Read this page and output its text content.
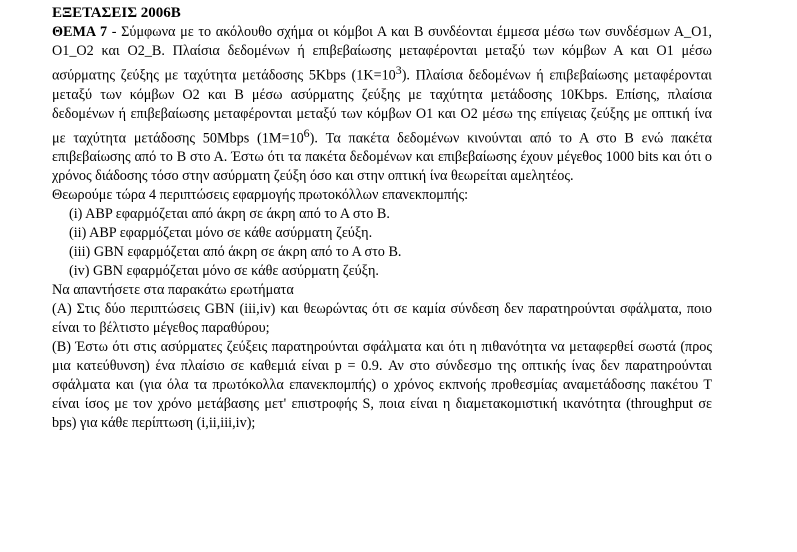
ΕΞΕΤΑΣΕΙΣ 2006Β

ΘΕΜΑ 7 - Σύμφωνα με το ακόλουθο σχήμα οι κόμβοι Α και Β συνδέονται έμμεσα μέσω των συνδέσμων Α_Ο1, Ο1_Ο2 και Ο2_Β. Πλαίσια δεδομένων ή επιβεβαίωσης μεταφέρονται μεταξύ των κόμβων Α και Ο1 μέσω ασύρματης ζεύξης με ταχύτητα μετάδοσης 5Kbps $(1K=10^3)$. Πλαίσια δεδομένων ή επιβεβαίωσης μεταφέρονται μεταξύ των κόμβων Ο2 και Β μέσω ασύρματης ζεύξης με ταχύτητα μετάδοσης 10Kbps. Επίσης, πλαίσια δεδομένων ή επιβεβαίωσης μεταφέρονται μεταξύ των κόμβων Ο1 και Ο2 μέσω της επίγειας ζεύξης με οπτική ίνα με ταχύτητα μετάδοσης 50Mbps $(1M=10^6)$. Τα πακέτα δεδομένων κινούνται από το Α στο Β ενώ πακέτα επιβεβαίωσης από το Β στο Α. Έστω ότι τα πακέτα δεδομένων και επιβεβαίωσης έχουν μέγεθος 1000 bits και ότι ο χρόνος διάδοσης τόσο στην ασύρματη ζεύξη όσο και στην οπτική ίνα θεωρείται αμελητέος.

Θεωρούμε τώρα 4 περιπτώσεις εφαρμογής πρωτοκόλλων επανεκπομπής:

(i) ABP εφαρμόζεται από άκρη σε άκρη από το Α στο Β.
(ii) ABP εφαρμόζεται μόνο σε κάθε ασύρματη ζεύξη.
(iii) GBN εφαρμόζεται από άκρη σε άκρη από το Α στο Β.
(iv) GBN εφαρμόζεται μόνο σε κάθε ασύρματη ζεύξη.

Να απαντήσετε στα παρακάτω ερωτήματα

(Α) Στις δύο περιπτώσεις GBN (iii,iv) και θεωρώντας ότι σε καμία σύνδεση δεν παρατηρούνται σφάλματα, ποιο είναι το βέλτιστο μέγεθος παραθύρου;

(Β) Έστω ότι στις ασύρματες ζεύξεις παρατηρούνται σφάλματα και ότι η πιθανότητα να μεταφερθεί σωστά (προς μια κατεύθυνση) ένα πλαίσιο σε καθεμιά είναι p = 0.9. Αν στο σύνδεσμο της οπτικής ίνας δεν παρατηρούνται σφάλματα και (για όλα τα πρωτόκολλα επανεκπομπής) ο χρόνος εκπνοής προθεσμίας αναμετάδοσης πακέτου Τ είναι ίσος με τον χρόνο μετάβασης μετ' επιστροφής S, ποια είναι η διαμετακομιστική ικανότητα (throughput σε bps) για κάθε περίπτωση (i,ii,iii,iv);
